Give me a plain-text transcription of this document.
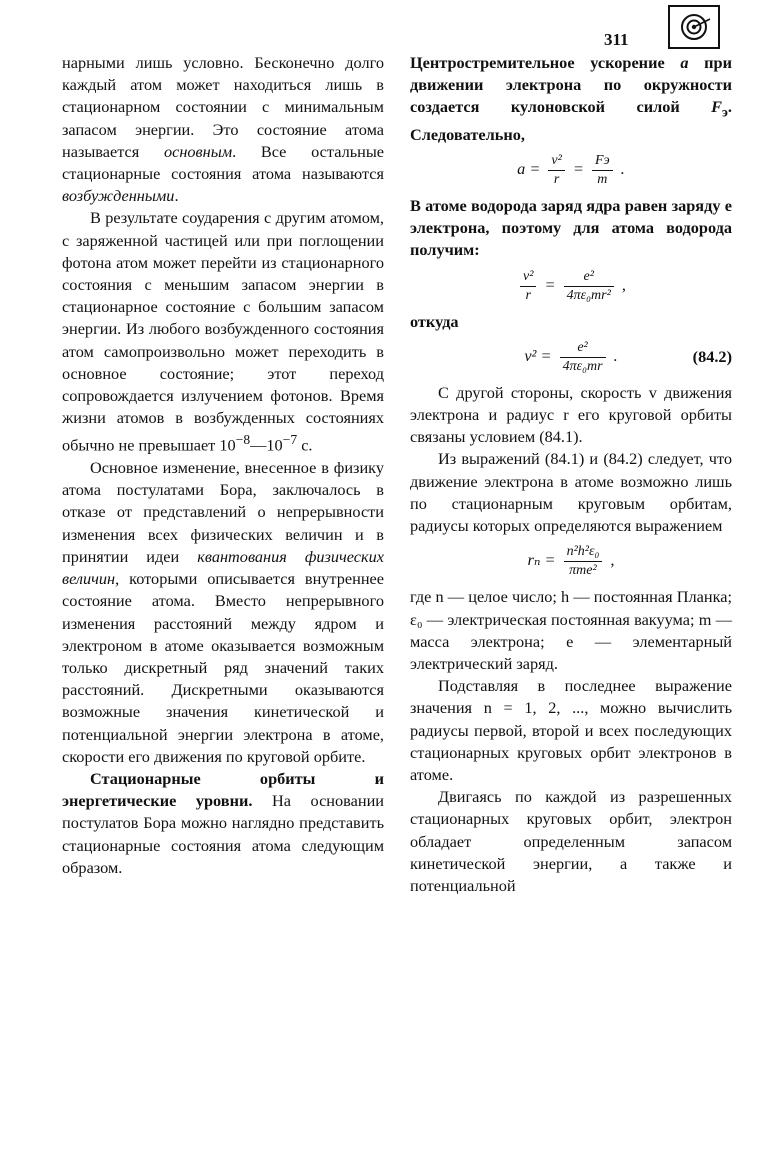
311

нарными лишь условно. Бесконечно долго каждый атом может находиться лишь в стационарном состоянии с минимальным запасом энергии. Это состояние атома называется основным. Все остальные стационарные состояния атома называются возбужденными.

В результате соударения с другим атомом, с заряженной частицей или при поглощении фотона атом может перейти из стационарного состояния с меньшим запасом энергии в стационарное состояние с большим запасом энергии. Из любого возбужденного состояния атом самопроизвольно может переходить в основное состояние; этот переход сопровождается излучением фотонов. Время жизни атомов в возбужденных состояниях обычно не превышает $10^{-8}—10^{-7}$ с.

Основное изменение, внесенное в физику атома постулатами Бора, заключалось в отказе от представлений о непрерывности изменения всех физических величин и в принятии идеи квантования физических величин, которыми описывается внутреннее состояние атома. Вместо непрерывного изменения расстояний между ядром и электроном в атоме оказывается возможным только дискретный ряд значений таких расстояний. Дискретными оказываются возможные значения кинетической и потенциальной энергии электрона в атоме, скорости его движения по круговой орбите.

Стационарные орбиты и энергетические уровни. На основании постулатов Бора можно наглядно представить стационарные состояния атома следующим образом.

Центростремительное ускорение a при движении электрона по окружности создается кулоновской силой $F_э$. Следовательно,

$a = \frac{\text{v²}}{r} = \frac{Fэ}{m}$ .

В атоме водорода заряд ядра равен заряду e электрона, поэтому для атома водорода получим:

$\frac{\text{v²}}{r} = \frac{\text{e²}}{\text{4πε₀mr²}}$ ,

откуда

$v^2 = \frac{\text{e²}}{\text{4πε₀mr}}$ .	(84.2)

С другой стороны, скорость v движения электрона и радиус r его круговой орбиты связаны условием (84.1).

Из выражений (84.1) и (84.2) следует, что движение электрона в атоме возможно лишь по стационарным круговым орбитам, радиусы которых определяются выражением

$r_n = \frac{\text{n²h²ε₀}}{\text{πme²}}$ ,

где n — целое число; h — постоянная Планка; ε₀ — электрическая постоянная вакуума; m — масса электрона; e — элементарный электрический заряд.

Подставляя в последнее выражение значения n = 1, 2, ..., можно вычислить радиусы первой, второй и всех последующих стационарных круговых орбит электронов в атоме.

Двигаясь по каждой из разрешенных стационарных круговых орбит, электрон обладает определенным запасом кинетической энергии, а также и потенциальной
